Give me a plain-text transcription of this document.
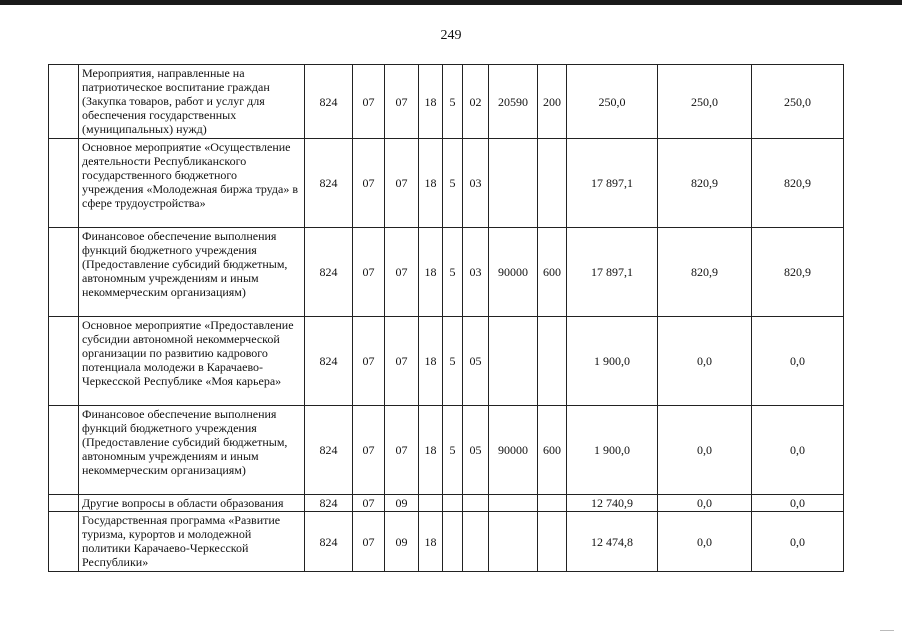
249
	Мероприятия, направленные на патриотическое воспитание граждан (Закупка товаров, работ и услуг для обеспечения государственных (муниципальных) нужд)	824	07	07	18	5	02	20590	200	250,0	250,0	250,0
	Основное мероприятие «Осуществление деятельности Республиканского государственного бюджетного учреждения «Молодежная биржа труда» в сфере трудоустройства»	824	07	07	18	5	03			17 897,1	820,9	820,9
	Финансовое обеспечение выполнения функций бюджетного учреждения (Предоставление субсидий бюджетным, автономным учреждениям и иным некоммерческим организациям)	824	07	07	18	5	03	90000	600	17 897,1	820,9	820,9
	Основное мероприятие «Предоставление субсидии автономной некоммерческой организации по развитию кадрового потенциала молодежи в Карачаево-Черкесской Республике «Моя карьера»	824	07	07	18	5	05			1 900,0	0,0	0,0
	Финансовое обеспечение выполнения функций бюджетного учреждения (Предоставление субсидий бюджетным, автономным учреждениям и иным некоммерческим организациям)	824	07	07	18	5	05	90000	600	1 900,0	0,0	0,0
	Другие вопросы в области образования	824	07	09						12 740,9	0,0	0,0
	Государственная программа «Развитие туризма, курортов и молодежной политики Карачаево-Черкесской Республики»	824	07	09	18					12 474,8	0,0	0,0
